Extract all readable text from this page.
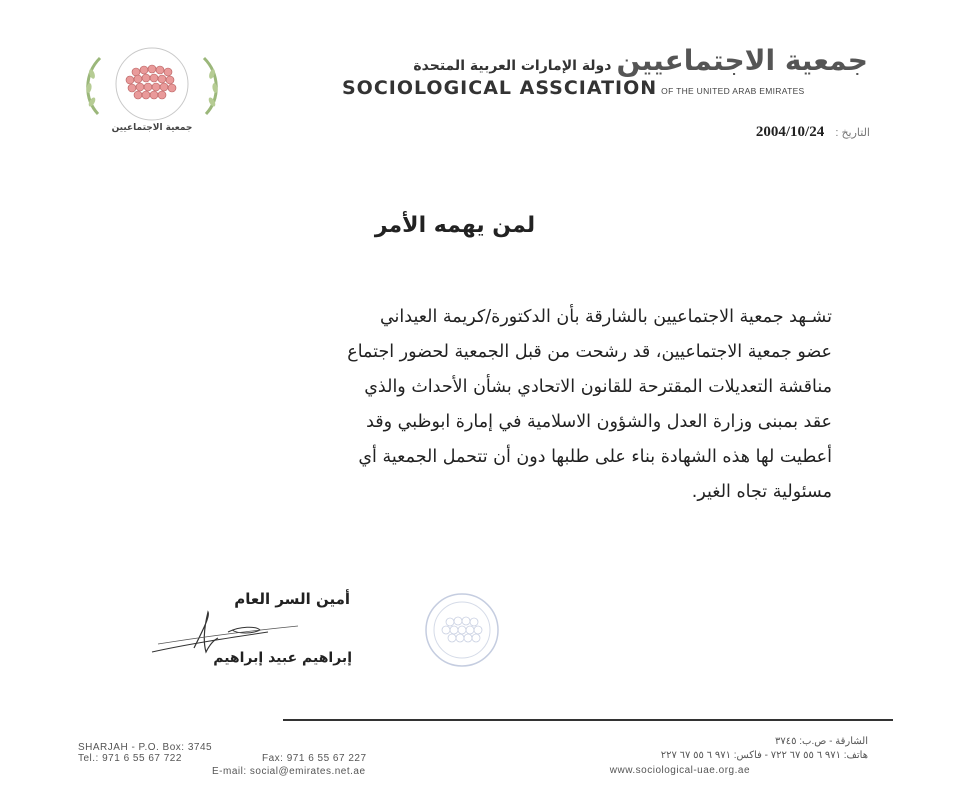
جمعية الاجتماعيين
جمعية الاجتماعيين دولة الإمارات العربية المتحدة
SOCIOLOGICAL ASSCIATION OF THE UNITED ARAB EMIRATES
التاريخ : 2004/10/24
لمن يهمه الأمر
تشـهد جمعية الاجتماعيين بالشارقة بأن الدكتورة/كريمة العيداني
عضو جمعية الاجتماعيين، قد رشحت من قبل الجمعية لحضور اجتماع
مناقشة التعديلات المقترحة للقانون الاتحادي بشأن الأحداث والذي
عقد بمبنى وزارة العدل والشؤون الاسلامية في إمارة ابوظبي وقد
أعطيت لها هذه الشهادة بناء على طلبها دون أن تتحمل الجمعية أي
مسئولية تجاه الغير.
أمين السر العام
إبراهيم عبيد إبراهيم
SHARJAH - P.O. Box: 3745
Tel.: 971 6 55 67 722	Fax: 971 6 55 67 227
E-mail: social@emirates.net.ae
الشارقة - ص.ب: ٣٧٤٥
هاتف: ٩٧١ ٦ ٥٥ ٦٧ ٧٢٢ - فاكس: ٩٧١ ٦ ٥٥ ٦٧ ٢٢٧
www.sociological-uae.org.ae
